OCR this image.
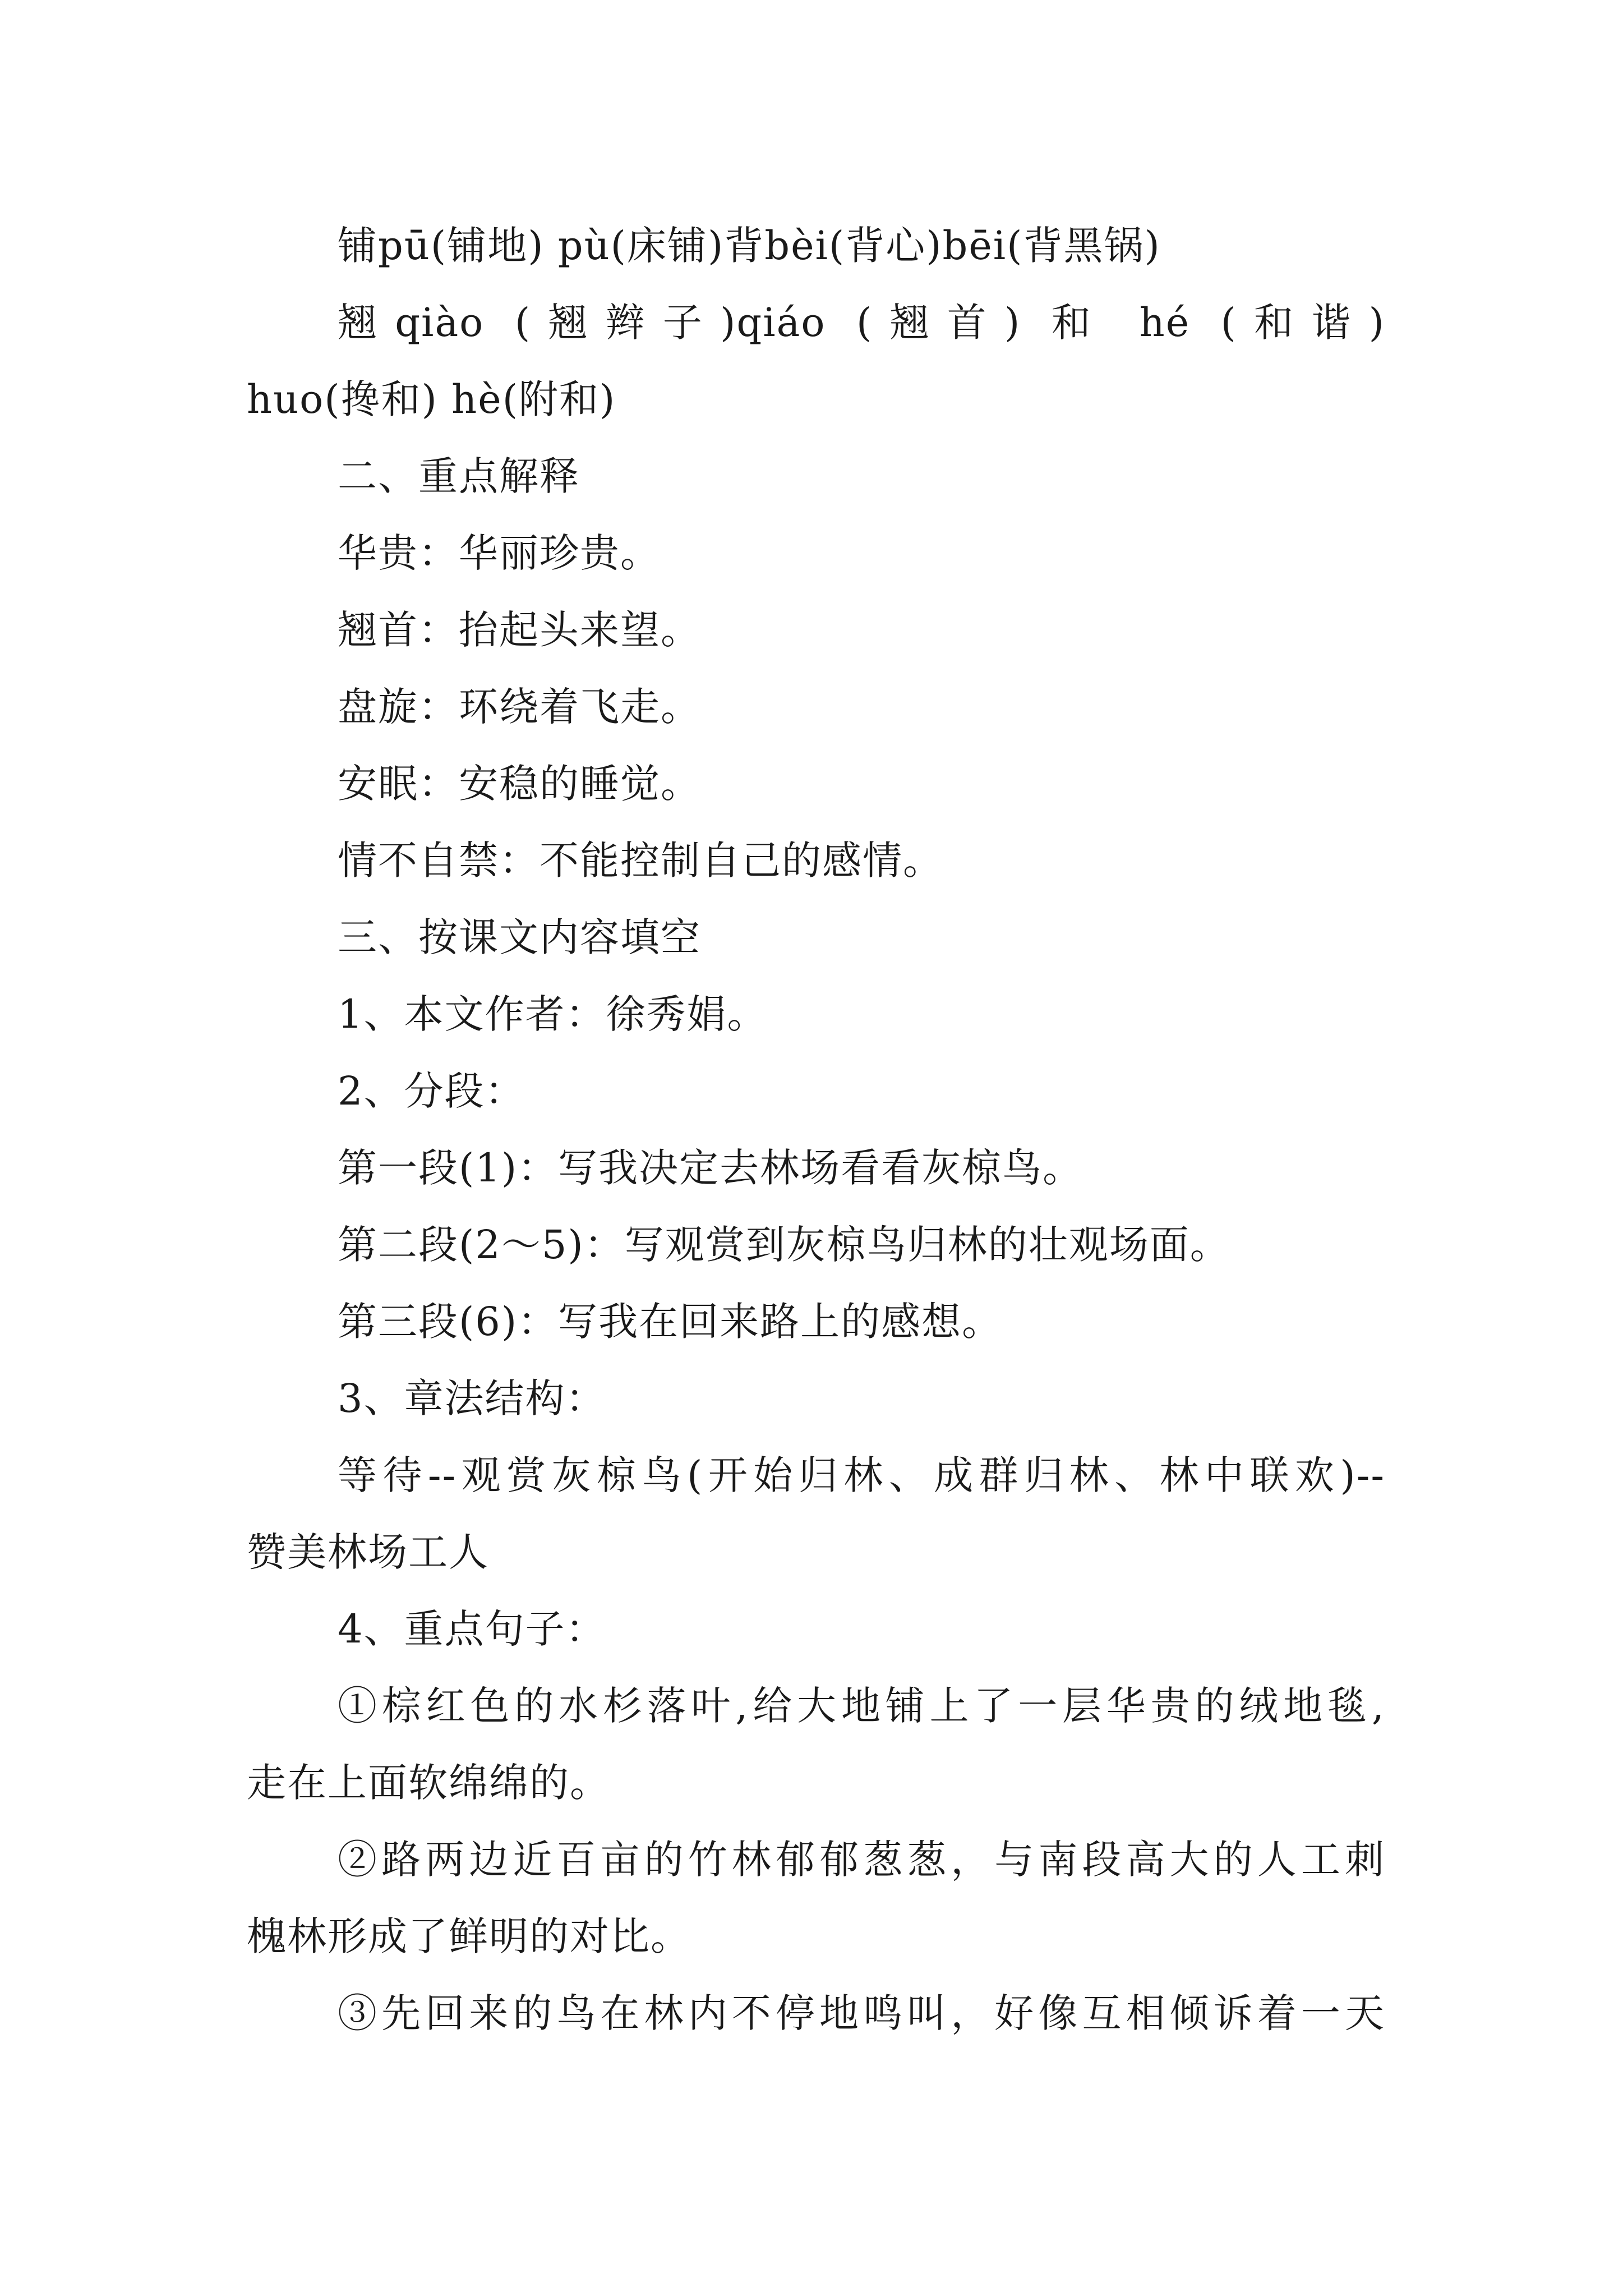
铺pū(铺地) pù(床铺)背bèi(背心)bēi(背黑锅)
翘qiào (翘辫子)qiáo (翘首) 和 hé (和谐)
huo(搀和) hè(附和)
二、重点解释
华贵：华丽珍贵。
翘首：抬起头来望。
盘旋：环绕着飞走。
安眠：安稳的睡觉。
情不自禁：不能控制自己的感情。
三、按课文内容填空
1、本文作者：徐秀娟。
2、分段：
第一段(1)：写我决定去林场看看灰椋鸟。
第二段(2～5)：写观赏到灰椋鸟归林的壮观场面。
第三段(6)：写我在回来路上的感想。
3、章法结构：
等待--观赏灰椋鸟(开始归林、成群归林、林中联欢)--
赞美林场工人
4、重点句子：
①棕红色的水杉落叶,给大地铺上了一层华贵的绒地毯,
走在上面软绵绵的。
②路两边近百亩的竹林郁郁葱葱，与南段高大的人工刺
槐林形成了鲜明的对比。
③先回来的鸟在林内不停地鸣叫，好像互相倾诉着一天
